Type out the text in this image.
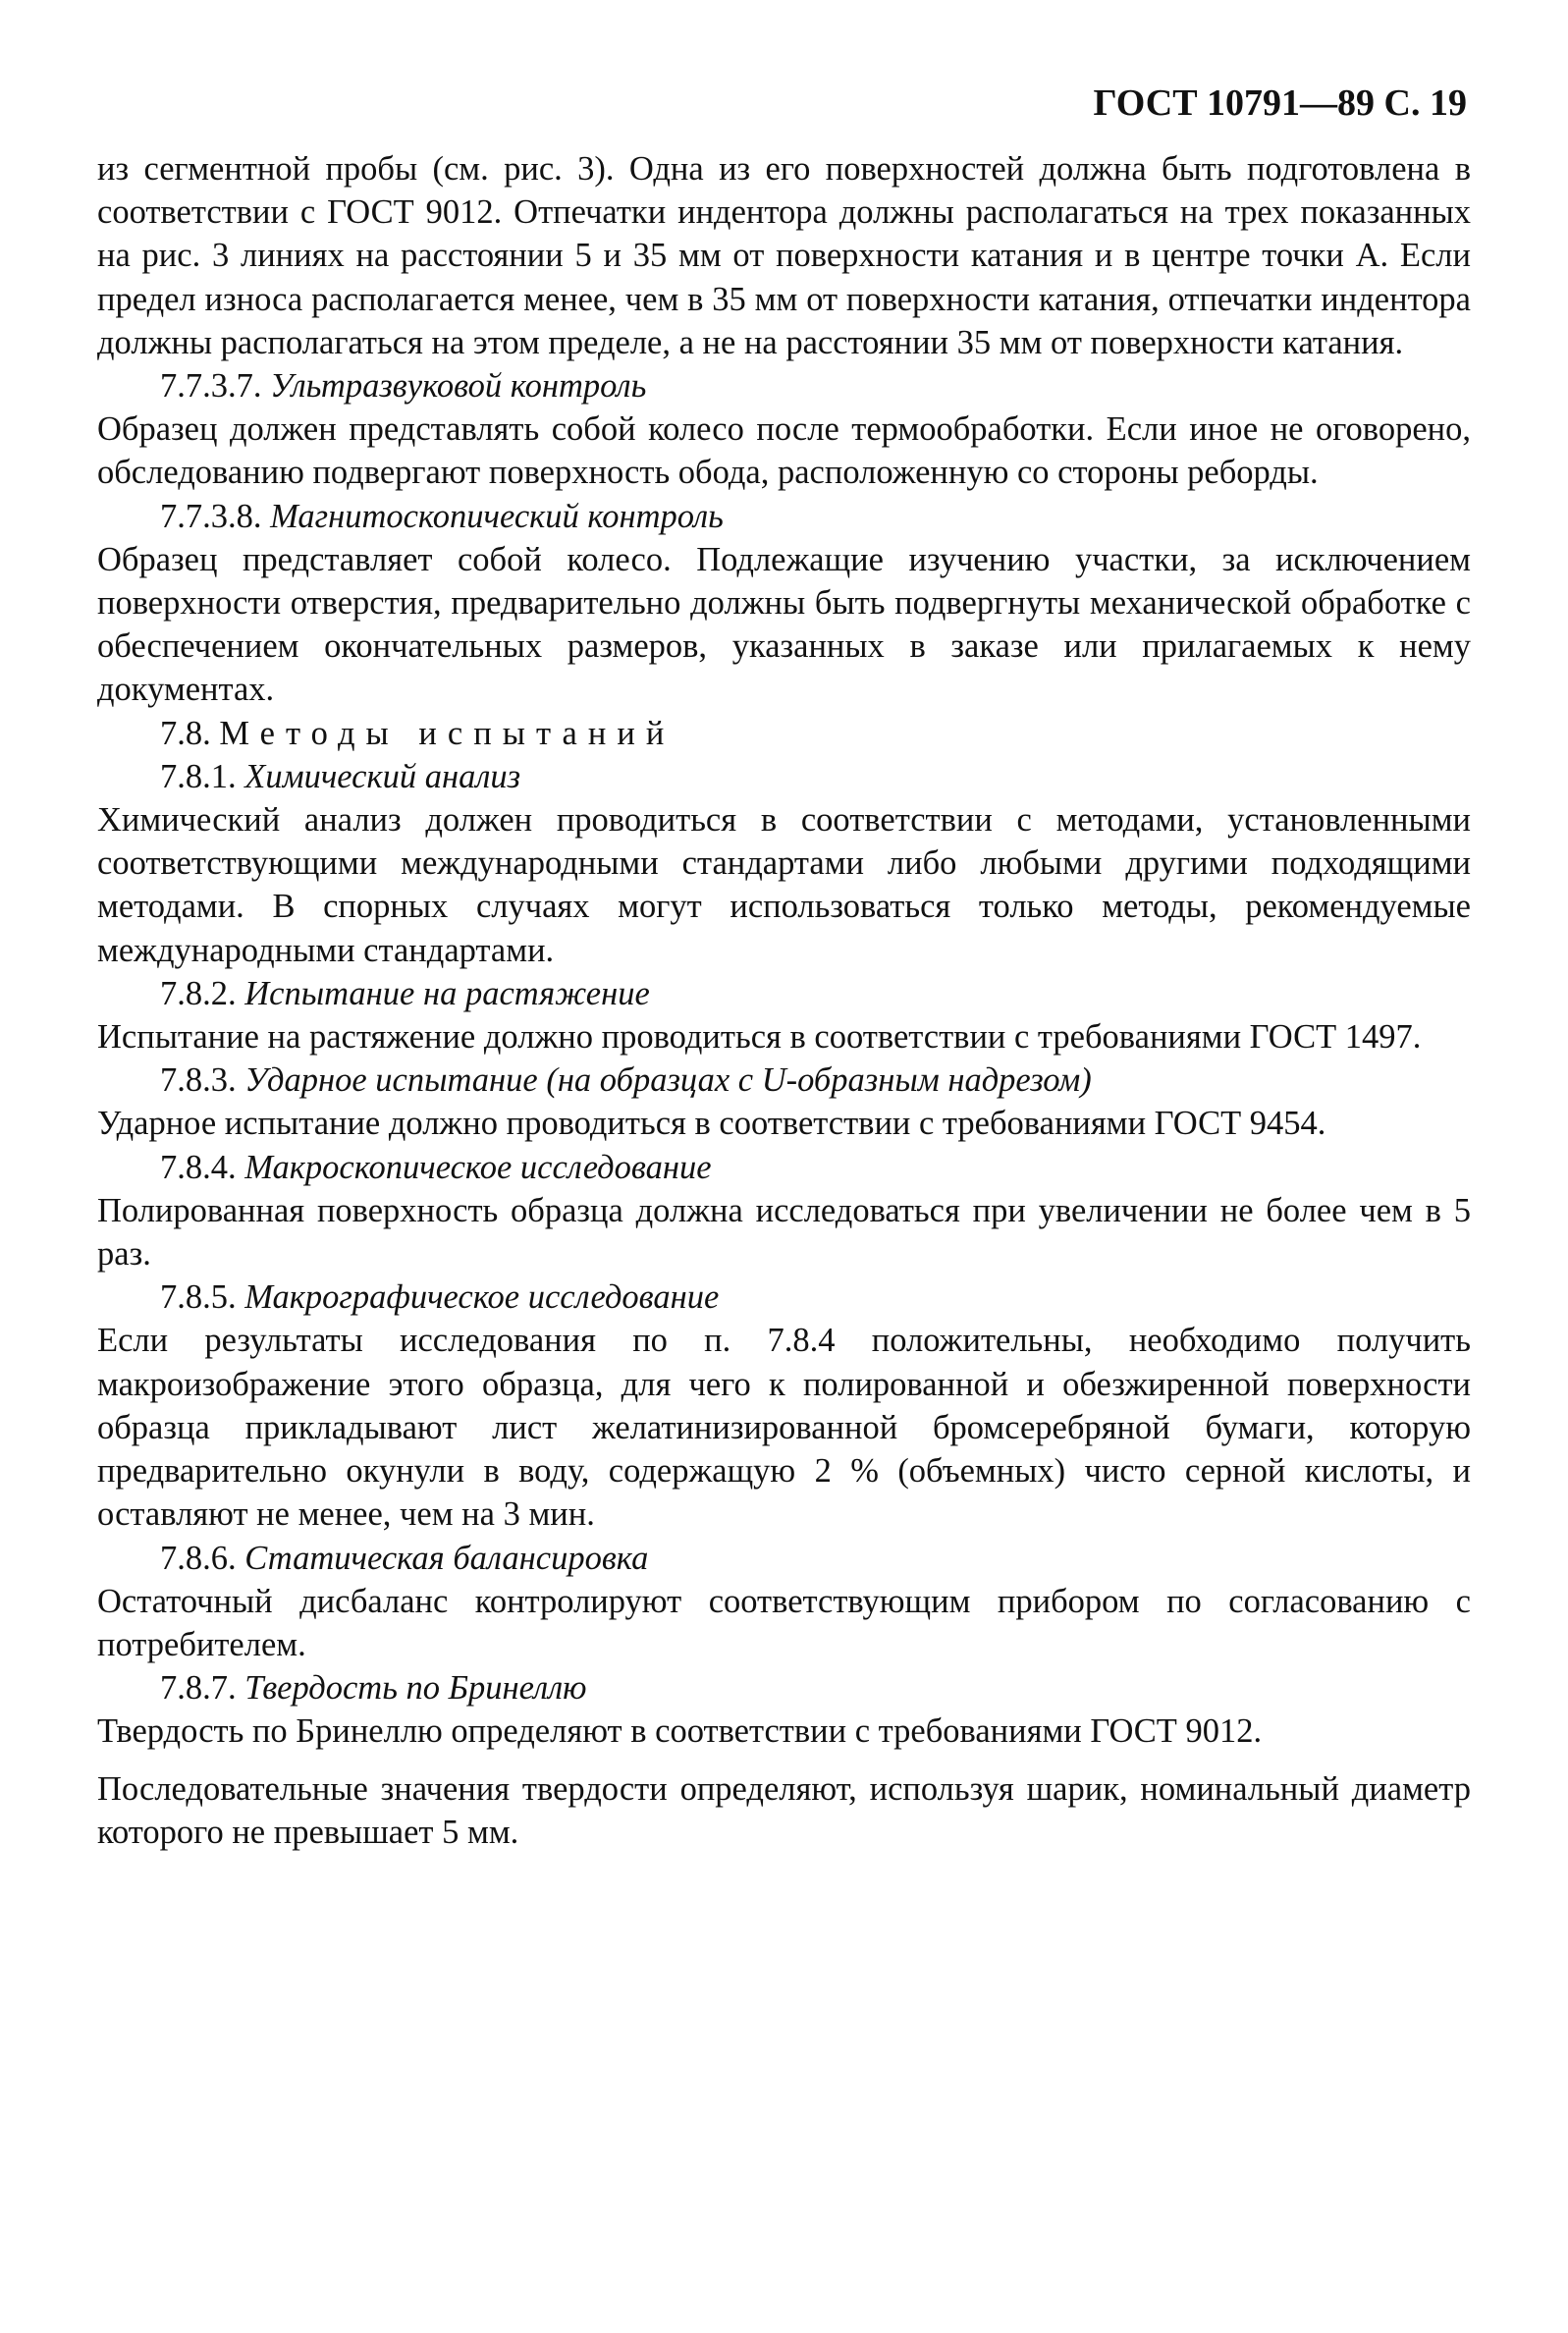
ГОСТ 10791—89 С. 19

из сегментной пробы (см. рис. 3). Одна из его поверхностей должна быть подготовлена в соответствии с ГОСТ 9012. Отпечатки индентора должны располагаться на трех показанных на рис. 3 линиях на расстоянии 5 и 35 мм от поверхности катания и в центре точки А. Если предел износа располагается менее, чем в 35 мм от поверхности катания, отпечатки индентора должны располагаться на этом пределе, а не на расстоянии 35 мм от поверхности катания.

7.7.3.7. Ультразвуковой контроль

Образец должен представлять собой колесо после термообработки. Если иное не оговорено, обследованию подвергают поверхность обода, расположенную со стороны реборды.

7.7.3.8. Магнитоскопический контроль

Образец представляет собой колесо. Подлежащие изучению участки, за исключением поверхности отверстия, предварительно должны быть подвергнуты механической обработке с обеспечением окончательных размеров, указанных в заказе или прилагаемых к нему документах.

7.8. Методы испытаний

7.8.1. Химический анализ

Химический анализ должен проводиться в соответствии с методами, установленными соответствующими международными стандартами либо любыми другими подходящими методами. В спорных случаях могут использоваться только методы, рекомендуемые международными стандартами.

7.8.2. Испытание на растяжение

Испытание на растяжение должно проводиться в соответствии с требованиями ГОСТ 1497.

7.8.3. Ударное испытание (на образцах с U-образным надрезом)

Ударное испытание должно проводиться в соответствии с требованиями ГОСТ 9454.

7.8.4. Макроскопическое исследование

Полированная поверхность образца должна исследоваться при увеличении не более чем в 5 раз.

7.8.5. Макрографическое исследование

Если результаты исследования по п. 7.8.4 положительны, необходимо получить макроизображение этого образца, для чего к полированной и обезжиренной поверхности образца прикладывают лист желатинизированной бромсеребряной бумаги, которую предварительно окунули в воду, содержащую 2 % (объемных) чисто серной кислоты, и оставляют не менее, чем на 3 мин.

7.8.6. Статическая балансировка

Остаточный дисбаланс контролируют соответствующим прибором по согласованию с потребителем.

7.8.7. Твердость по Бринеллю

Твердость по Бринеллю определяют в соответствии с требованиями ГОСТ 9012.

Последовательные значения твердости определяют, используя шарик, номинальный диаметр которого не превышает 5 мм.
